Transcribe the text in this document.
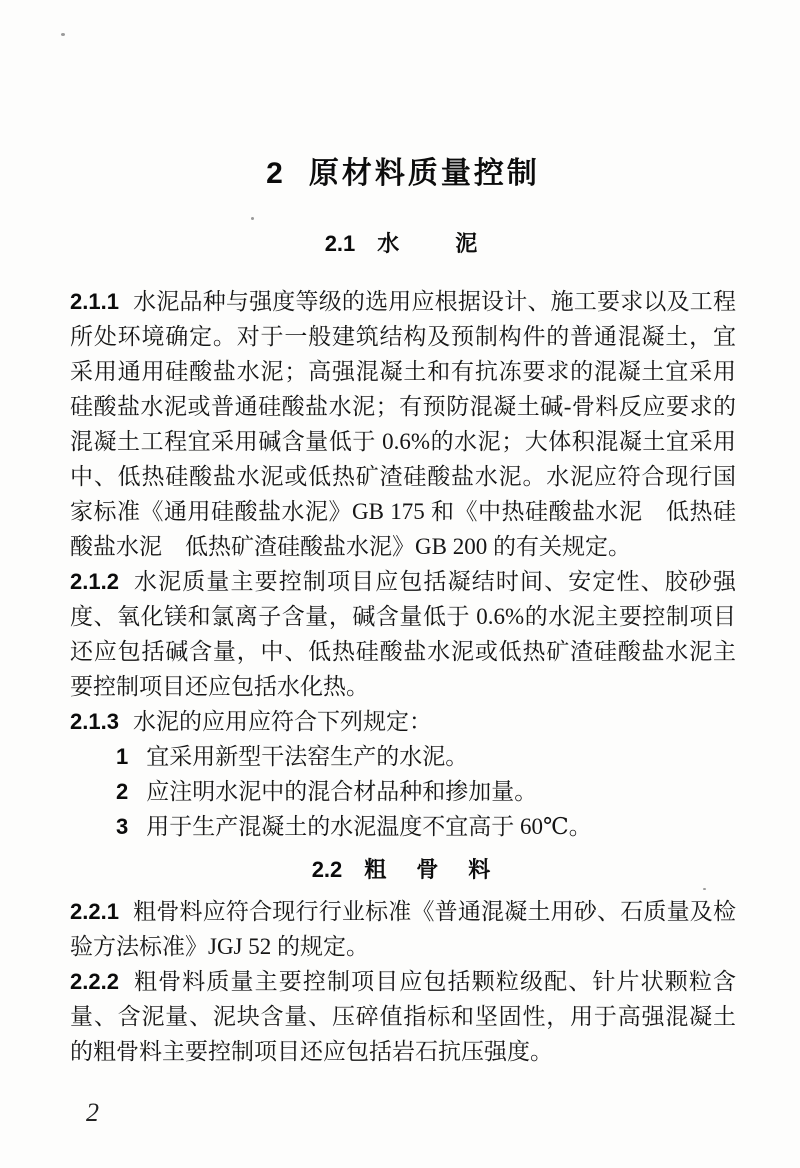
2 原材料质量控制
2.1 水　　泥

2.1.1 水泥品种与强度等级的选用应根据设计、施工要求以及工程所处环境确定。对于一般建筑结构及预制构件的普通混凝土，宜采用通用硅酸盐水泥；高强混凝土和有抗冻要求的混凝土宜采用硅酸盐水泥或普通硅酸盐水泥；有预防混凝土碱-骨料反应要求的混凝土工程宜采用碱含量低于 0.6%的水泥；大体积混凝土宜采用中、低热硅酸盐水泥或低热矿渣硅酸盐水泥。水泥应符合现行国家标准《通用硅酸盐水泥》GB 175 和《中热硅酸盐水泥　低热硅酸盐水泥　低热矿渣硅酸盐水泥》GB 200 的有关规定。

2.1.2 水泥质量主要控制项目应包括凝结时间、安定性、胶砂强度、氧化镁和氯离子含量，碱含量低于 0.6%的水泥主要控制项目还应包括碱含量，中、低热硅酸盐水泥或低热矿渣硅酸盐水泥主要控制项目还应包括水化热。

2.1.3 水泥的应用应符合下列规定：

1 宜采用新型干法窑生产的水泥。

2 应注明水泥中的混合材品种和掺加量。

3 用于生产混凝土的水泥温度不宜高于 60℃。

2.2 粗　骨　料

2.2.1 粗骨料应符合现行行业标准《普通混凝土用砂、石质量及检验方法标准》JGJ 52 的规定。

2.2.2 粗骨料质量主要控制项目应包括颗粒级配、针片状颗粒含量、含泥量、泥块含量、压碎值指标和坚固性，用于高强混凝土的粗骨料主要控制项目还应包括岩石抗压强度。

2
